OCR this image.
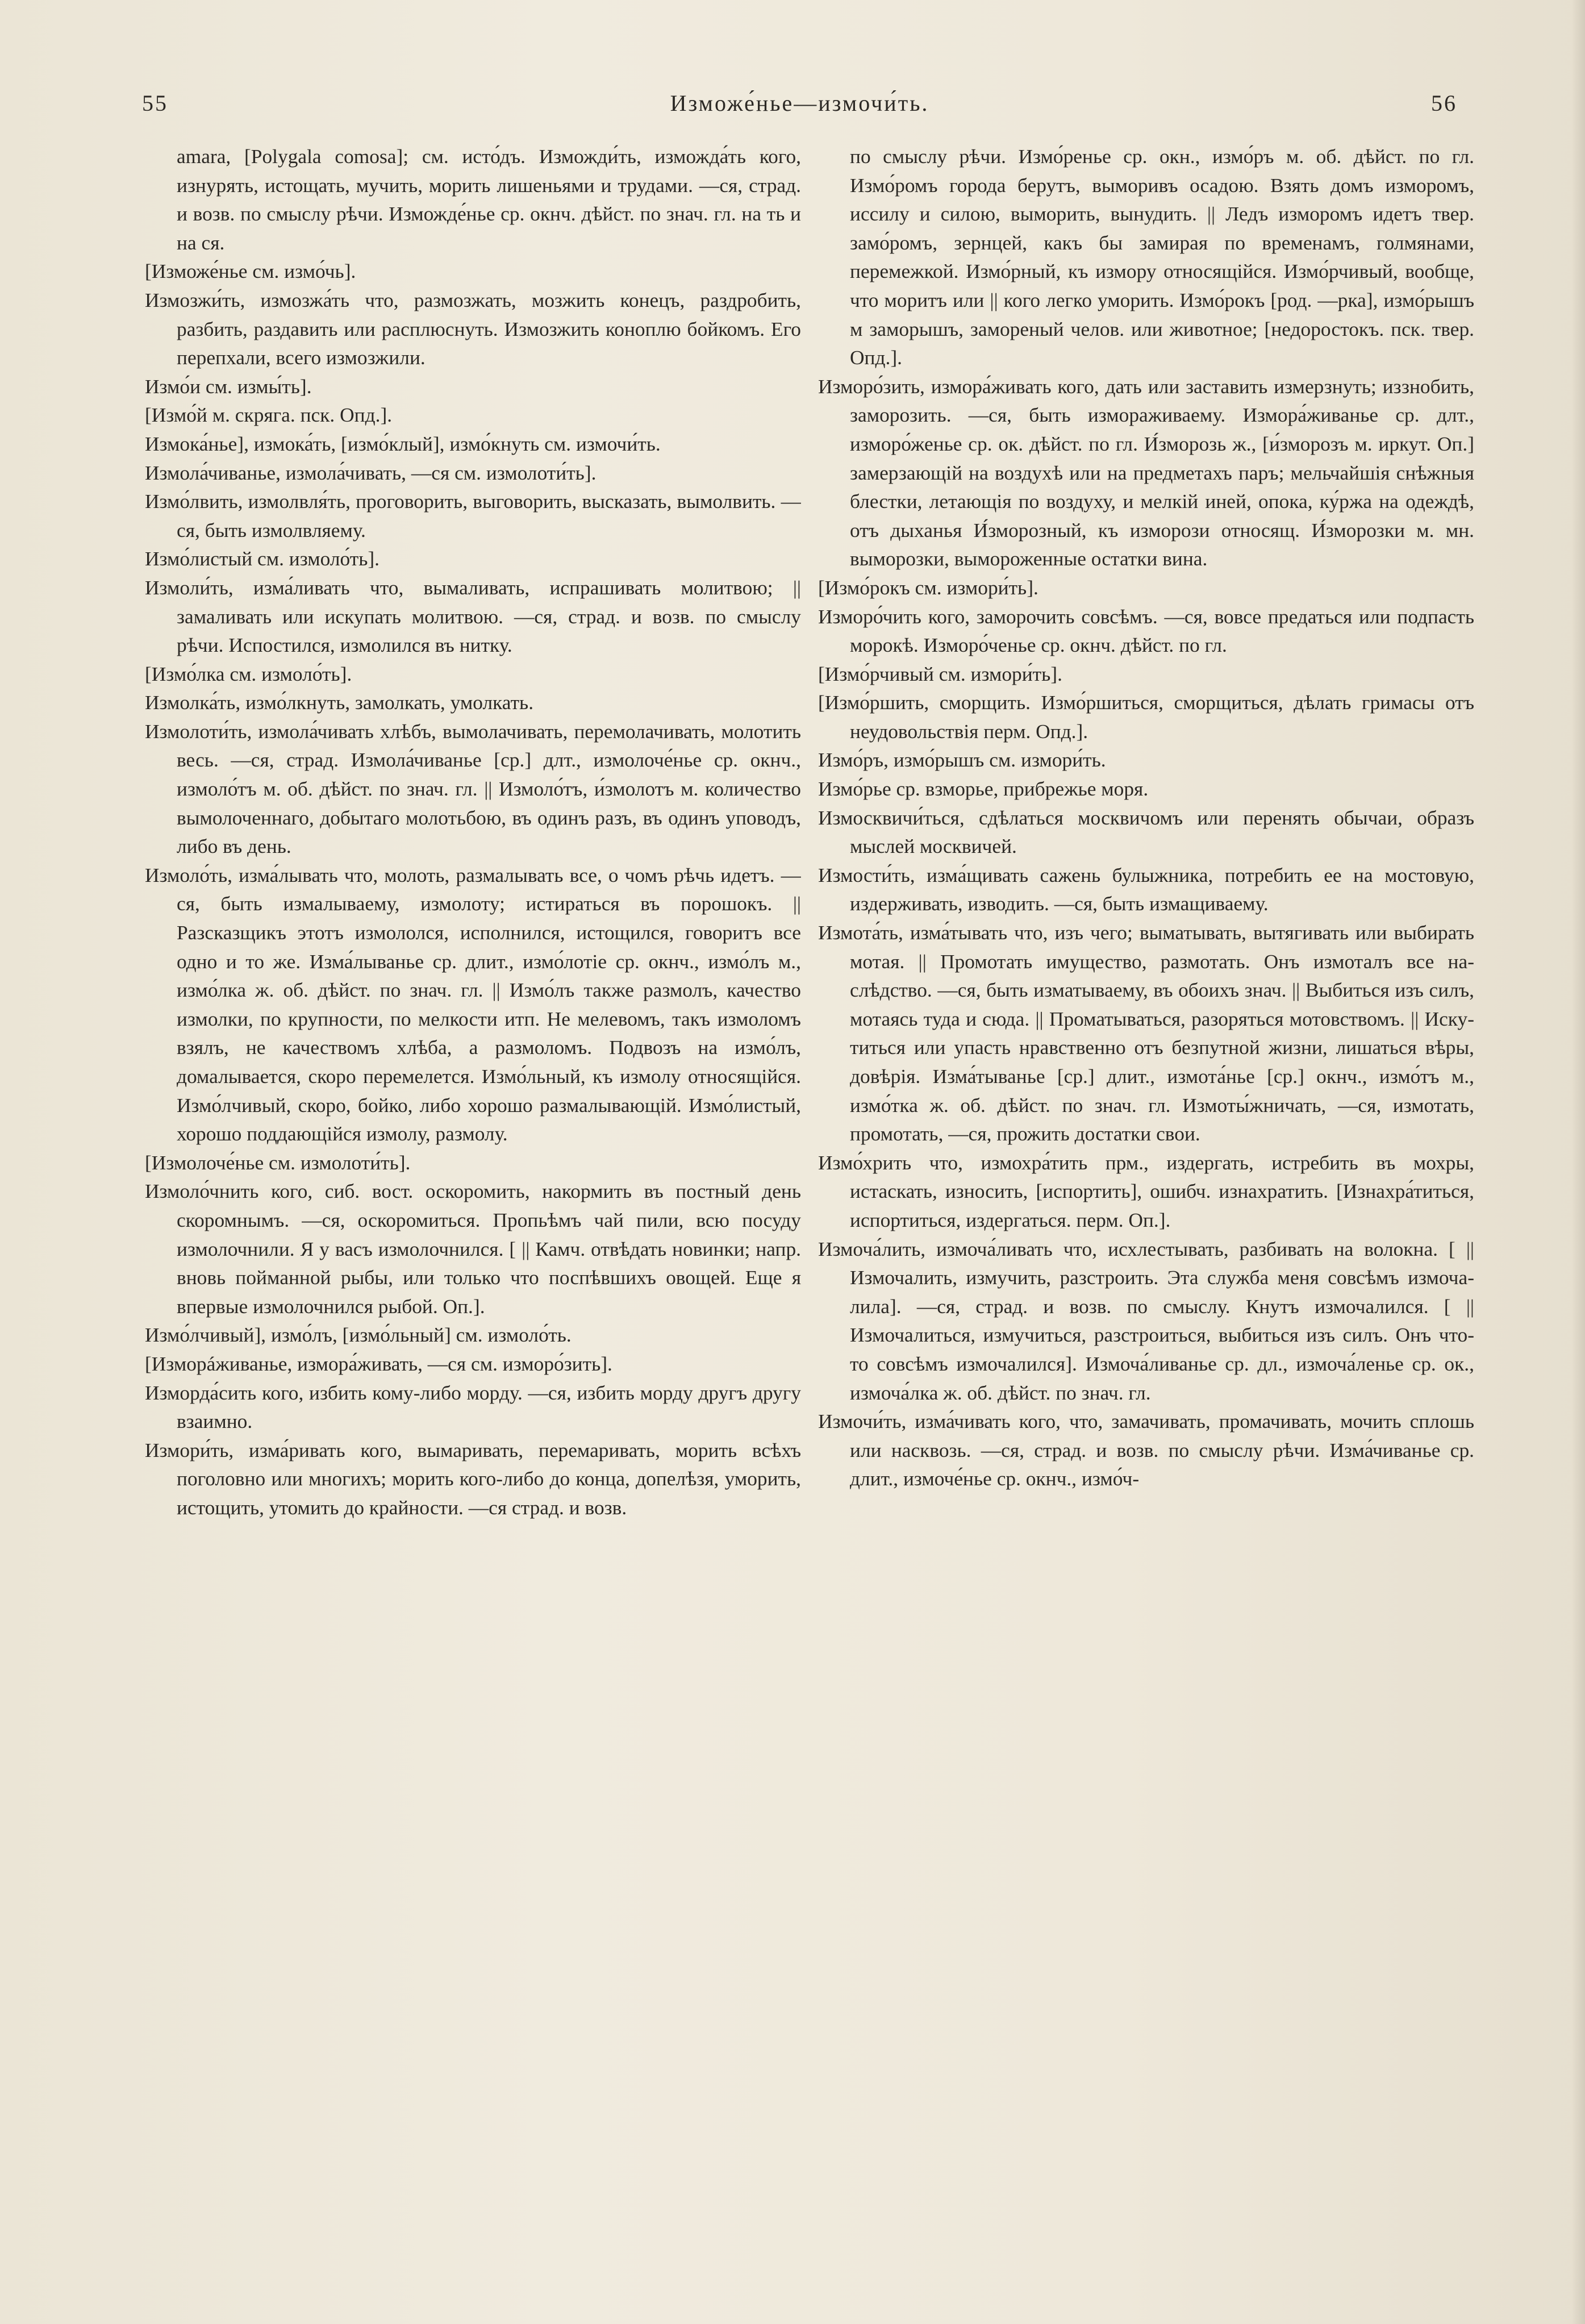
55	Изможе́нье—измочи́ть.	56

amara, [Polygala comosa]; см. исто́дъ. Изможди́ть, изможда́ть кого, изнурять, истощать, мучить, морить лишеньями и трудами. —ся, страд. и возв. по смыслу рѣчи. Изможде́нье ср. окнч. дѣйст. по знач. гл. на ть и на ся.

[Изможе́нье см. измо́чь].

Измозжи́ть, измозжа́ть что, размозжать, мозжить конецъ, раздробить, разбить, раздавить или расплюснуть. Измозжить коноплю бойкомъ. Его перепхали, всего измозжили.

Измо́и см. измы́ть].

[Измо́й м. скряга. пск. Опд.].

Измока́нье], измока́ть, [измо́клый], измо́кнуть см. измочи́ть.

Измола́чиванье, измола́чивать, —ся см. измолоти́ть].

Измо́лвить, измолвля́ть, проговорить, выговорить, высказать, вымолвить. —ся, быть измолвляему.

Измо́листый см. измоло́ть].

Измоли́ть, изма́ливать что, вымаливать, испрашивать молитвою; || замаливать или искупать молитвою. —ся, страд. и возв. по смыслу рѣчи. Испостился, измолился въ нитку.

[Измо́лка см. измоло́ть].

Измолка́ть, измо́лкнуть, замолкать, умолкать.

Измолоти́ть, измола́чивать хлѣбъ, вымолачивать, перемолачивать, молотить весь. —ся, страд. Измола́чиванье [ср.] длт., измолоче́нье ср. окнч., измоло́тъ м. об. дѣйст. по знач. гл. || Измоло́тъ, и́змолотъ м. количество вымолоченнаго, добытаго молотьбою, въ одинъ разъ, въ одинъ уповодъ, либо въ день.

Измоло́ть, изма́лывать что, молоть, размалывать все, о чомъ рѣчь идетъ. —ся, быть измалываему, измолоту; истираться въ порошокъ. || Разсказщикъ этотъ измололся, исполнился, истощился, говоритъ все одно и то же. Изма́лыванье ср. длит., измо́лотіе ср. окнч., измо́лъ м., измо́лка ж. об. дѣйст. по знач. гл. || Измо́лъ также размолъ, качество измолки, по крупности, по мелкости итп. Не мелевомъ, такъ измоломъ взялъ, не качествомъ хлѣба, а размоломъ. Подвозъ на измо́лъ, домалывается, скоро перемелется. Измо́льный, къ измолу относящійся. Измо́лчивый, скоро, бойко, либо хорошо размалывающій. Измо́листый, хорошо поддающійся измолу, размолу.

[Измолоче́нье см. измолоти́ть].

Измоло́чнить кого, сиб. вост. оскоромить, накормить въ постный день скоромнымъ. —ся, оскоромиться. Пропьѣмъ чай пили, всю посуду измолочнили. Я у васъ измолочнился. [ || Камч. отвѣдать новинки; напр. вновь поймaнной рыбы, или только что поспѣвшихъ овощей. Еще я впервые измолочнился рыбой. Оп.].

Измо́лчивый], измо́лъ, [измо́льный] см. измоло́ть.

[Изморáживанье, измора́живать, —ся см. изморо́зить].

Изморда́сить кого, избить кому-либо морду. —ся, избить морду другъ другу взаимно.

Измори́ть, изма́ривать кого, вымаривать, перемаривать, морить всѣхъ поголовно или многихъ; морить кого-либо до конца, допелѣзя, уморить, истощить, утомить до крайности. —ся страд. и возв.

по смыслу рѣчи. Измо́ренье ср. окн., измо́ръ м. об. дѣйст. по гл. Измо́ромъ города берутъ, выморивъ осадою. Взять домъ изморомъ, иссилу и силою, выморить, вынудить. || Ледъ изморомъ идетъ твер. замо́ромъ, зернцей, какъ бы замирая по временамъ, голмянами, перемежкой. Измо́рный, къ измору относящійся. Измо́рчивый, вообще, что моритъ или || кого легко уморить. Измо́рокъ [род. —рка], измо́рышъ м заморышъ, замореный челов. или животное; [недоростокъ. пск. твер. Опд.].

Изморо́зить, измора́живать кого, дать или заставить измерзнуть; иззнобить, заморозить. —ся, быть измораживаему. Измора́живанье ср. длт., изморо́женье ср. ок. дѣйст. по гл. И́зморозь ж., [и́зморозъ м. иркут. Оп.] замерзающій на воздухѣ или на предметахъ паръ; мельчайшія снѣжныя блестки, летающія по воздуху, и мелкій иней, опока, ку́ржа на одеждѣ, отъ дыханья И́зморозный, къ изморози относящ. И́зморозки м. мн. вымoрозки, вымороженные остатки вина.

[Измо́рокъ см. измори́ть].

Изморо́чить кого, заморочить совсѣмъ. —ся, вовсе предаться или подпасть морокѣ. Изморо́ченье ср. окнч. дѣйст. по гл.

[Измо́рчивый см. измори́ть].

[Измо́ршить, сморщить. Измо́ршиться, сморщиться, дѣлать гримасы отъ неудовольствія перм. Опд.].

Измо́ръ, измо́рышъ см. измори́ть.

Измо́рье ср. взморье, прибрежье моря.

Измосквичи́ться, сдѣлаться москвичомъ или перенять обычаи, образъ мыслей москвичей.

Измости́ть, изма́щивать сажень булыжника, потребить ее на мостовую, издерживать, изводить. —ся, быть измащиваему.

Измота́ть, изма́тывать что, изъ чего; выматывать, вытягивать или выбирать мотая. || Промотать имущество, размотать. Онъ измоталъ все наслѣдство. —ся, быть изматываему, въ обоихъ знач. || Выбиться изъ силъ, мотаясь туда и сюда. || Проматываться, разоряться мотовствомъ. || Искутиться или упасть нравственно отъ безпутной жизни, лишаться вѣры, довѣрія. Изма́тыванье [ср.] длит., измота́нье [ср.] окнч., измо́тъ м., измо́тка ж. об. дѣйст. по знач. гл. Измоты́жничать, —ся, измотать, промотать, —ся, прожить достатки свои.

Измо́хрить что, измохра́тить прм., издергать, истребить въ мохры, истаскать, износить, [испортить], ошибч. изнахратить. [Изнахра́титься, испортиться, издергаться. перм. Оп.].

Измоча́лить, измоча́ливать что, исхлестывать, разбивать на волокна. [ || Измочалить, измучить, разстроить. Эта служба меня совсѣмъ измочалила]. —ся, страд. и возв. по смыслу. Кнутъ измочалился. [ || Измочалиться, измучиться, разстроиться, выбиться изъ силъ. Онъ что-то совсѣмъ измочалился]. Измоча́ливанье ср. дл., измоча́ленье ср. ок., измоча́лка ж. об. дѣйст. по знач. гл.

Измочи́ть, изма́чивать кого, что, замачивать, промачивать, мочить сплошь или насквозь. —ся, страд. и возв. по смыслу рѣчи. Изма́чиванье ср. длит., измоче́нье ср. окнч., измо́ч-
